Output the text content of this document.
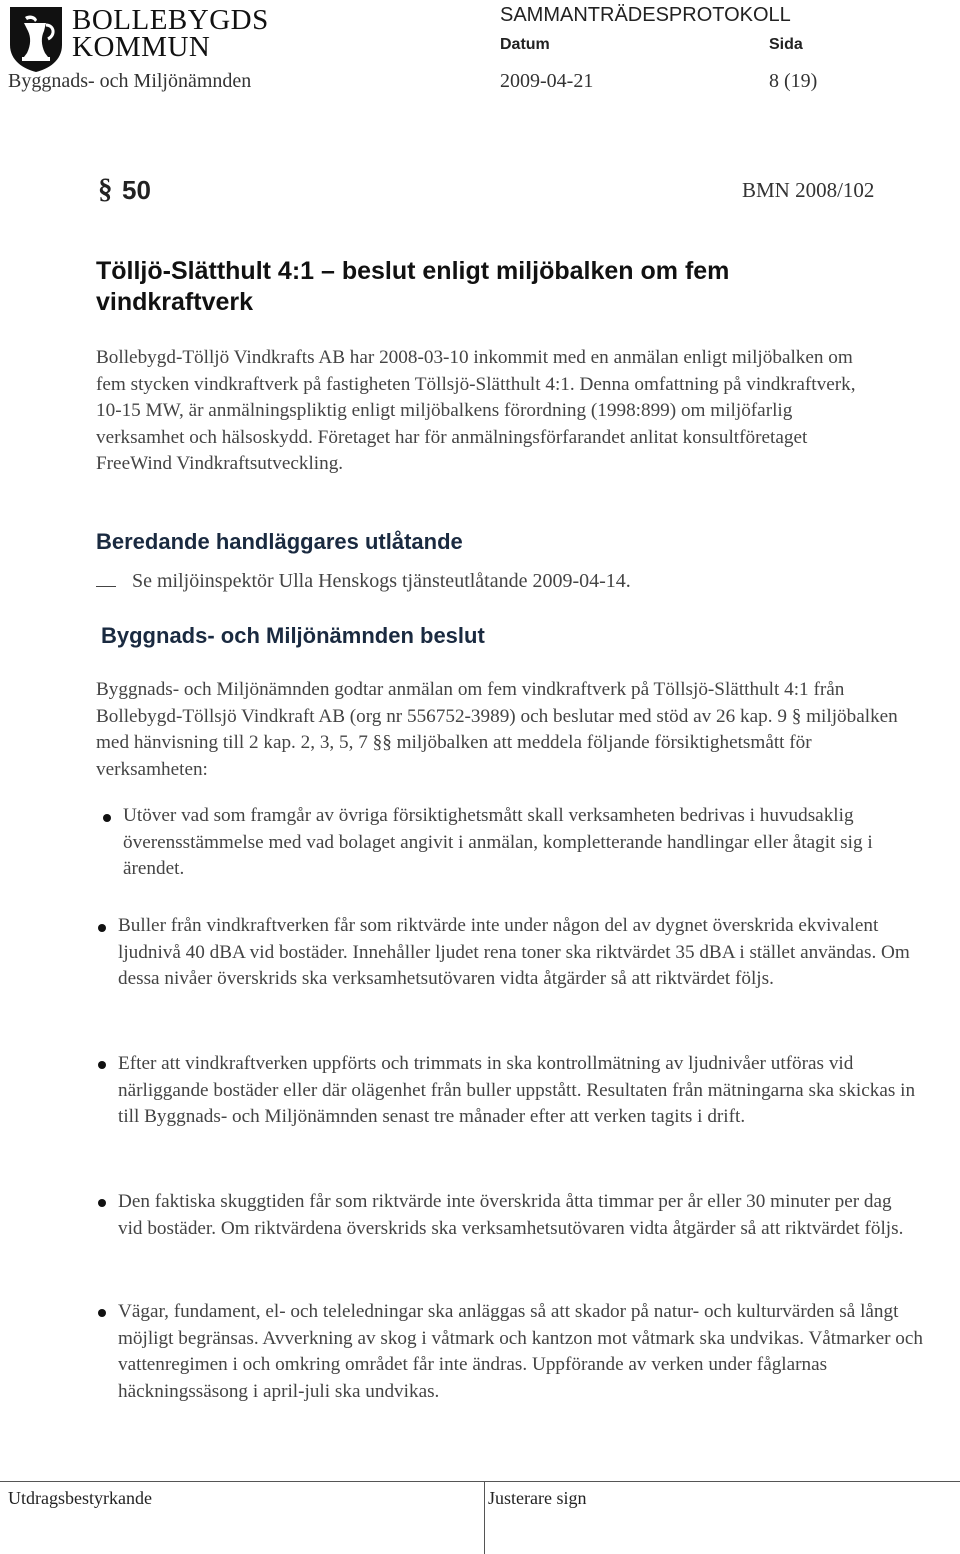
BOLLEBYGDS
KOMMUN
SAMMANTRÄDESPROTOKOLL
Datum	Sida
Byggnads- och Miljönämnden	2009-04-21	8 (19)
§ 50	BMN 2008/102
Tölljö-Slätthult 4:1 – beslut enligt miljöbalken om fem vindkraftverk
Bollebygd-Tölljö Vindkrafts AB har 2008-03-10 inkommit med en anmälan enligt miljöbalken om fem stycken vindkraftverk på fastigheten Töllsjö-Slätthult 4:1. Denna omfattning på vindkraftverk, 10-15 MW, är anmälningspliktig enligt miljöbalkens förordning (1998:899) om miljöfarlig verksamhet och hälsoskydd. Företaget har för anmälningsförfarandet anlitat konsultföretaget FreeWind Vindkraftsutveckling.
Beredande handläggares utlåtande
Se miljöinspektör Ulla Henskogs tjänsteutlåtande 2009-04-14.
Byggnads- och Miljönämnden beslut
Byggnads- och Miljönämnden godtar anmälan om fem vindkraftverk på Töllsjö-Slätthult 4:1 från Bollebygd-Töllsjö Vindkraft AB (org nr 556752-3989) och beslutar med stöd av 26 kap. 9 § miljöbalken med hänvisning till 2 kap. 2, 3, 5, 7 §§ miljöbalken att meddela följande försiktighetsmått för verksamheten:
Utöver vad som framgår av övriga försiktighetsmått skall verksamheten bedrivas i huvudsaklig överensstämmelse med vad bolaget angivit i anmälan, kompletterande handlingar eller åtagit sig i ärendet.
Buller från vindkraftverken får som riktvärde inte under någon del av dygnet överskrida ekvivalent ljudnivå 40 dBA vid bostäder. Innehåller ljudet rena toner ska riktvärdet 35 dBA i stället användas. Om dessa nivåer överskrids ska verksamhetsutövaren vidta åtgärder så att riktvärdet följs.
Efter att vindkraftverken uppförts och trimmats in ska kontrollmätning av ljudnivåer utföras vid närliggande bostäder eller där olägenhet från buller uppstått. Resultaten från mätningarna ska skickas in till Byggnads- och Miljönämnden senast tre månader efter att verken tagits i drift.
Den faktiska skuggtiden får som riktvärde inte överskrida åtta timmar per år eller 30 minuter per dag vid bostäder. Om riktvärdena överskrids ska verksamhetsutövaren vidta åtgärder så att riktvärdet följs.
Vägar, fundament, el- och teleledningar ska anläggas så att skador på natur- och kulturvärden så långt möjligt begränsas. Avverkning av skog i våtmark och kantzon mot våtmark ska undvikas. Våtmarker och vattenregimen i och omkring området får inte ändras. Uppförande av verken under fåglarnas häckningssäsong i april-juli ska undvikas.
Utdragsbestyrkande	Justerare sign
